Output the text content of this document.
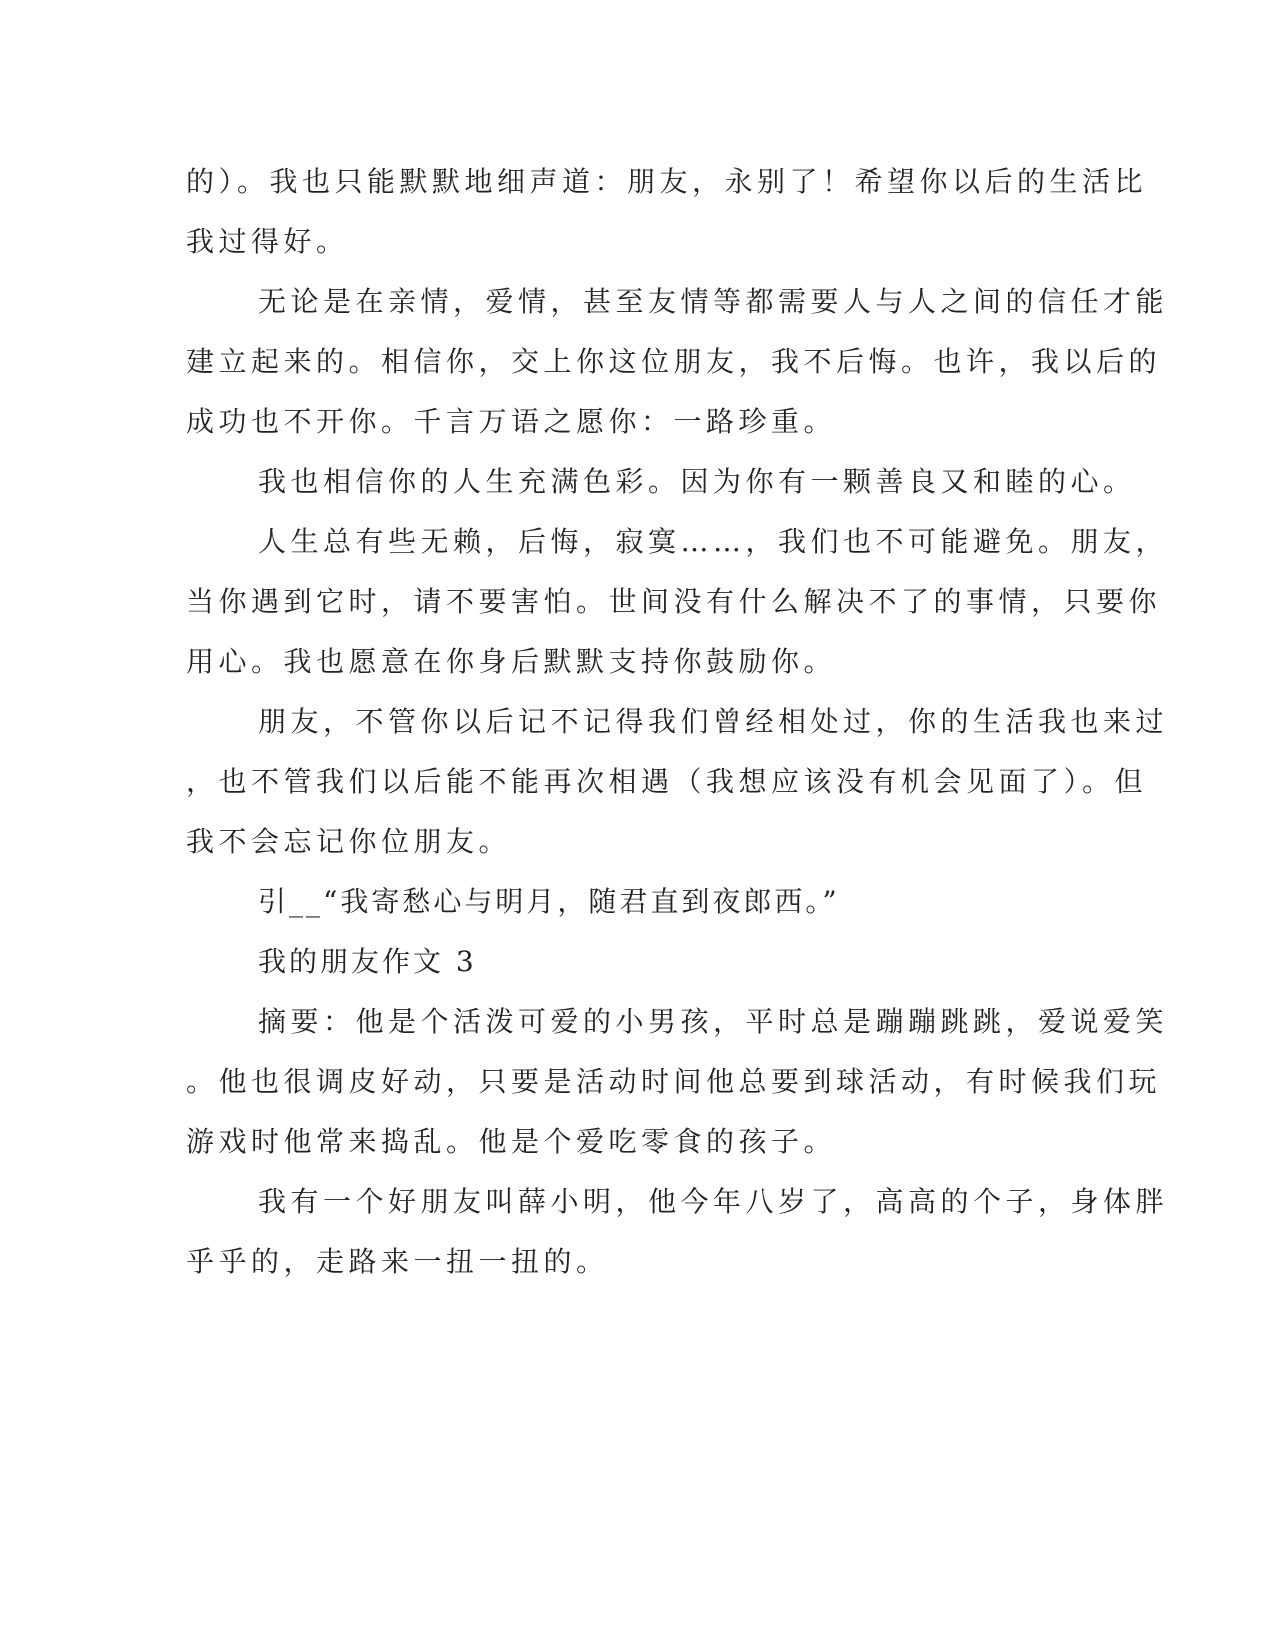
的）。我也只能默默地细声道：朋友，永别了！希望你以后的生活比
我过得好。
无论是在亲情，爱情，甚至友情等都需要人与人之间的信任才能
建立起来的。相信你，交上你这位朋友，我不后悔。也许，我以后的
成功也不开你。千言万语之愿你：一路珍重。
我也相信你的人生充满色彩。因为你有一颗善良又和睦的心。
人生总有些无赖，后悔，寂寞……，我们也不可能避免。朋友，
当你遇到它时，请不要害怕。世间没有什么解决不了的事情，只要你
用心。我也愿意在你身后默默支持你鼓励你。
朋友，不管你以后记不记得我们曾经相处过，你的生活我也来过
，也不管我们以后能不能再次相遇（我想应该没有机会见面了）。但
我不会忘记你位朋友。
引__“我寄愁心与明月，随君直到夜郎西。”
我的朋友作文 3
摘要：他是个活泼可爱的小男孩，平时总是蹦蹦跳跳，爱说爱笑
。他也很调皮好动，只要是活动时间他总要到球活动，有时候我们玩
游戏时他常来捣乱。他是个爱吃零食的孩子。
我有一个好朋友叫薛小明，他今年八岁了，高高的个子，身体胖
乎乎的，走路来一扭一扭的。
